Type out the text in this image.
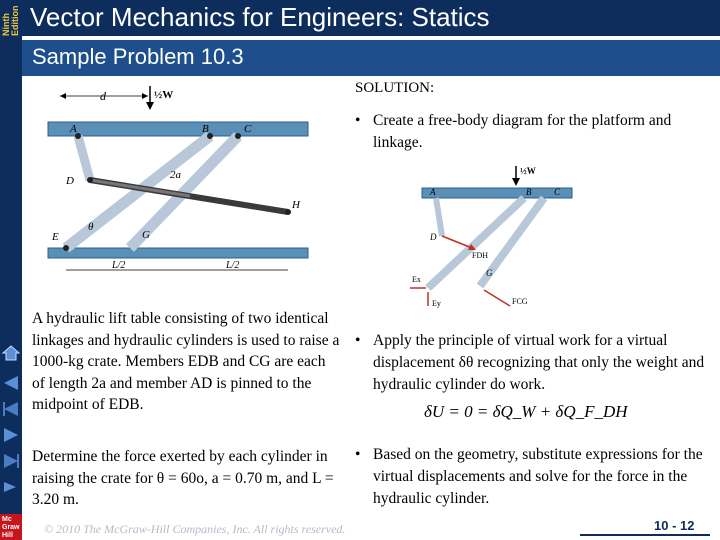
Ninth Edition Vector Mechanics for Engineers: Statics
Sample Problem 10.3
d	½W
A	B	C
D
E	G
H
2a
θ
L/2	L/2
SOLUTION:
• Create a free-body diagram for the platform and linkage.
½W
A	B	C
D
G
FDH
Ex
Ey	FCG
A hydraulic lift table consisting of two identical linkages and hydraulic cylinders is used to raise a 1000-kg crate. Members EDB and CG are each of length 2a and member AD is pinned to the midpoint of EDB.
Determine the force exerted by each cylinder in raising the crate for θ = 60o, a = 0.70 m, and L = 3.20 m.
• Apply the principle of virtual work for a virtual displacement δθ recognizing that only the weight and hydraulic cylinder do work.
δU = 0 = δQ_W + δQ_F_DH
• Based on the geometry, substitute expressions for the virtual displacements and solve for the force in the hydraulic cylinder.
© 2010 The McGraw-Hill Companies, Inc. All rights reserved.	10 - 12
Mc
Graw
Hill
